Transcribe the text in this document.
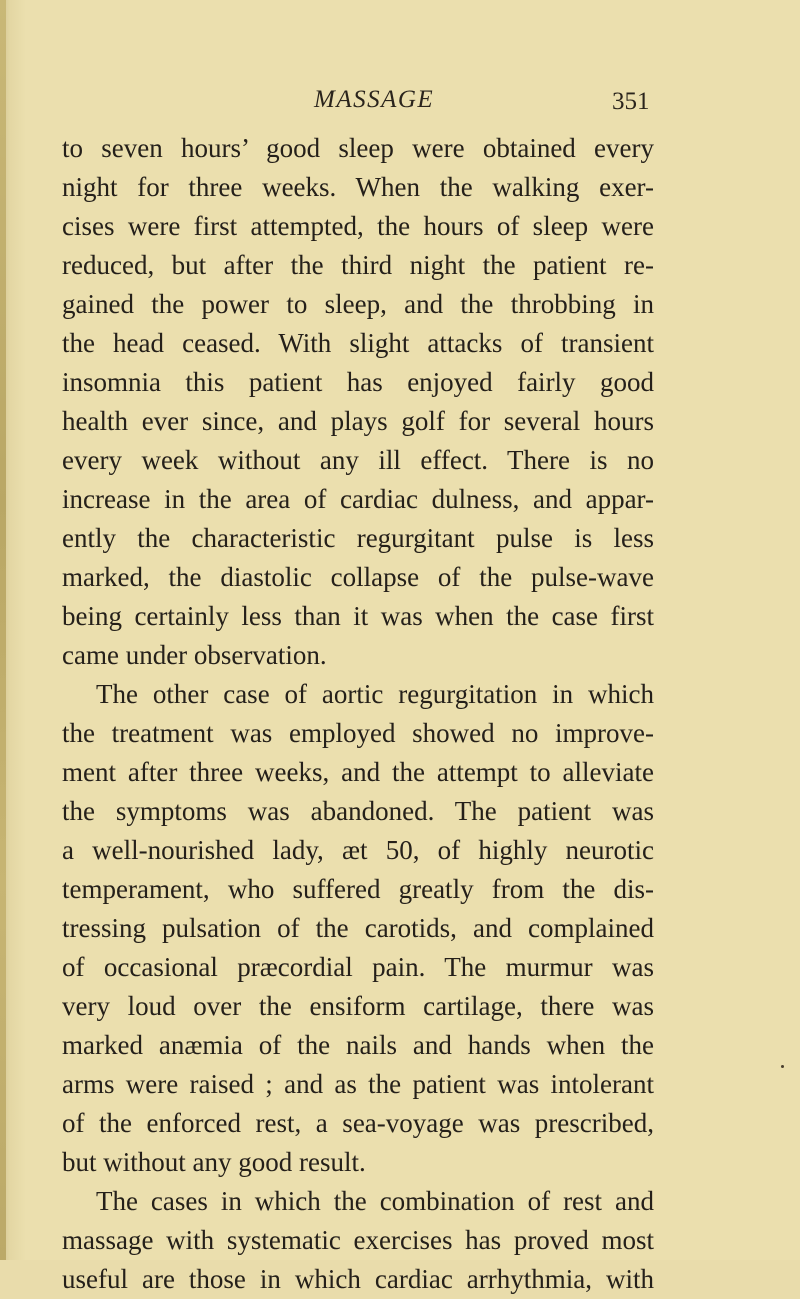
MASSAGE	351
to seven hours’ good sleep were obtained every
night for three weeks. When the walking exer-
cises were first attempted, the hours of sleep were
reduced, but after the third night the patient re-
gained the power to sleep, and the throbbing in
the head ceased. With slight attacks of transient
insomnia this patient has enjoyed fairly good
health ever since, and plays golf for several hours
every week without any ill effect. There is no
increase in the area of cardiac dulness, and appar-
ently the characteristic regurgitant pulse is less
marked, the diastolic collapse of the pulse-wave
being certainly less than it was when the case first
came under observation.
The other case of aortic regurgitation in which
the treatment was employed showed no improve-
ment after three weeks, and the attempt to alleviate
the symptoms was abandoned. The patient was
a well-nourished lady, æt 50, of highly neurotic
temperament, who suffered greatly from the dis-
tressing pulsation of the carotids, and complained
of occasional præcordial pain. The murmur was
very loud over the ensiform cartilage, there was
marked anæmia of the nails and hands when the
arms were raised ; and as the patient was intolerant
of the enforced rest, a sea-voyage was prescribed,
but without any good result.
The cases in which the combination of rest and
massage with systematic exercises has proved most
useful are those in which cardiac arrhythmia, with
